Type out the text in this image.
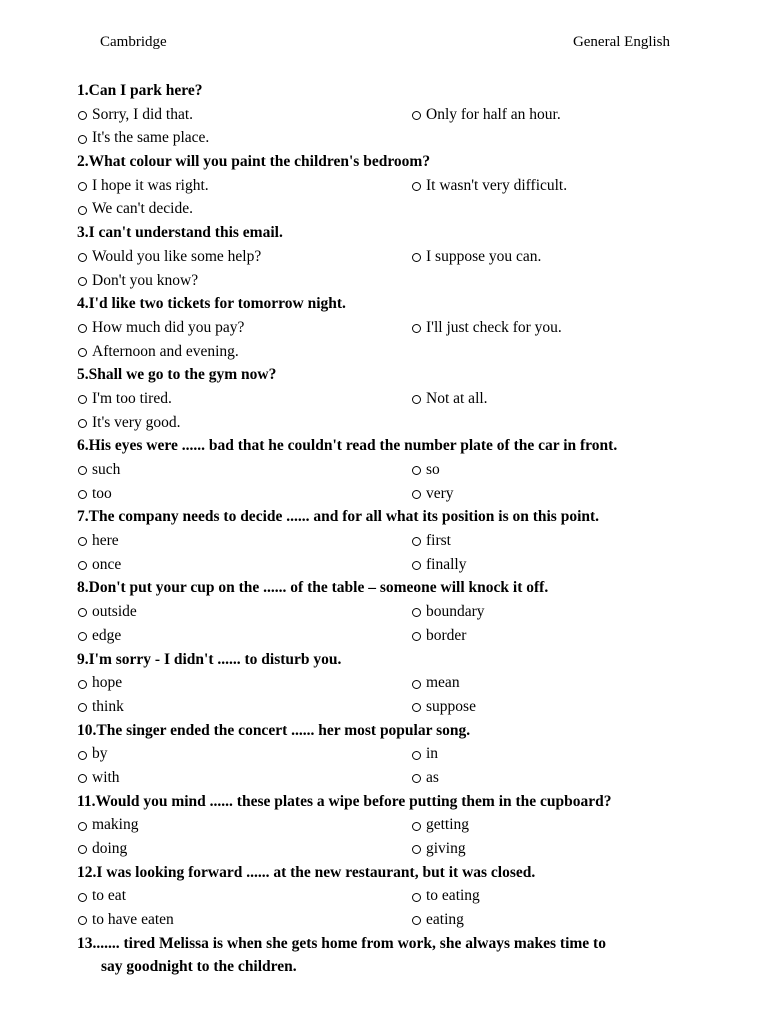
Cambridge	General English
1.Can I park here?
Sorry, I did that.	Only for half an hour.
It's the same place.
2.What colour will you paint the children's bedroom?
I hope it was right.	It wasn't very difficult.
We can't decide.
3.I can't understand this email.
Would you like some help?	I suppose you can.
Don't you know?
4.I'd like two tickets for tomorrow night.
How much did you pay?	I'll just check for you.
Afternoon and evening.
5.Shall we go to the gym now?
I'm too tired.	Not at all.
It's very good.
6.His eyes were ...... bad that he couldn't read the number plate of the car in front.
such	so
too	very
7.The company needs to decide ...... and for all what its position is on this point.
here	first
once	finally
8.Don't put your cup on the ...... of the table – someone will knock it off.
outside	boundary
edge	border
9.I'm sorry - I didn't ...... to disturb you.
hope	mean
think	suppose
10.The singer ended the concert ...... her most popular song.
by	in
with	as
11.Would you mind ...... these plates a wipe before putting them in the cupboard?
making	getting
doing	giving
12.I was looking forward ...... at the new restaurant, but it was closed.
to eat	to eating
to have eaten	eating
13....... tired Melissa is when she gets home from work, she always makes time to
say goodnight to the children.
